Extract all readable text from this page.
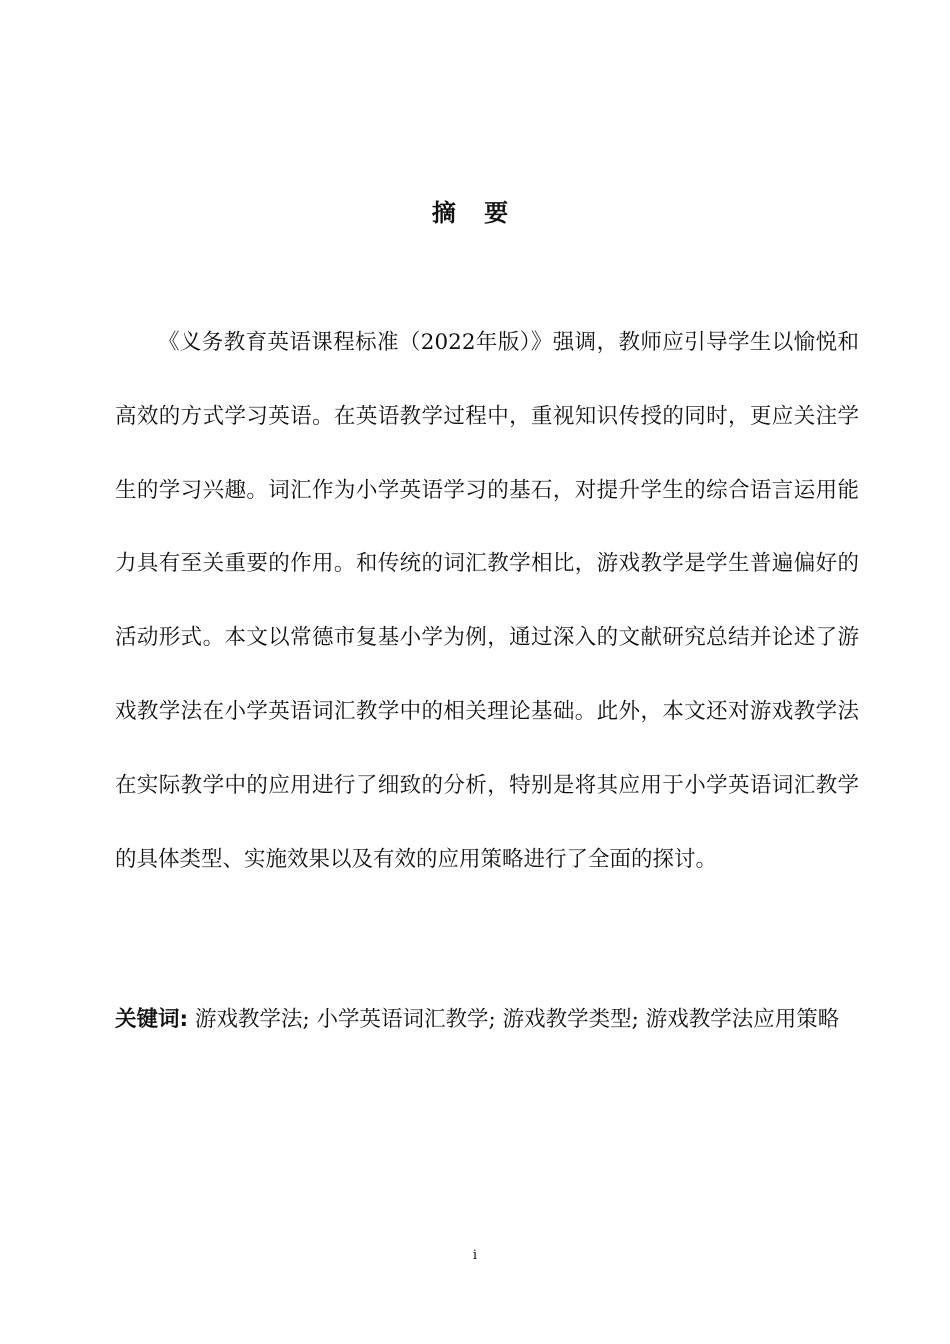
摘 要

《义务教育英语课程标准（2022年版）》强调，教师应引导学生以愉悦和高效的方式学习英语。在英语教学过程中，重视知识传授的同时，更应关注学生的学习兴趣。词汇作为小学英语学习的基石，对提升学生的综合语言运用能力具有至关重要的作用。和传统的词汇教学相比，游戏教学是学生普遍偏好的活动形式。本文以常德市复基小学为例，通过深入的文献研究总结并论述了游戏教学法在小学英语词汇教学中的相关理论基础。此外，本文还对游戏教学法在实际教学中的应用进行了细致的分析，特别是将其应用于小学英语词汇教学的具体类型、实施效果以及有效的应用策略进行了全面的探讨。

关键词: 游戏教学法; 小学英语词汇教学; 游戏教学类型; 游戏教学法应用策略

i
